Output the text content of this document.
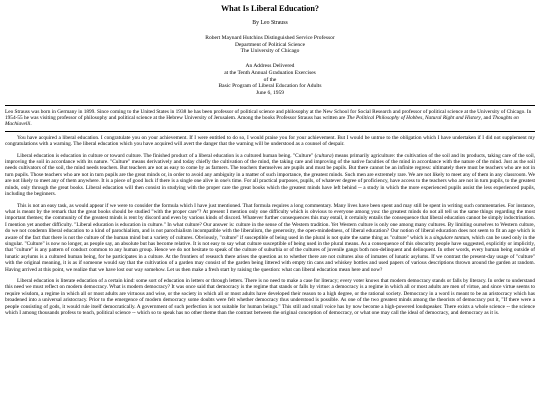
What Is Liberal Education?
By Leo Strauss
Robert Maynard Hutchins Distinguished Service Professor
Department of Political Science
The University of Chicago
An Address Delivered
at the Tenth Annual Graduation Exercises
of the
Basic Program of Liberal Education for Adults
June 6, 1959

Leo Strauss was born in Germany in 1899. Since coming to the United States in 1938 he has been professor of political science and philosophy at the New School for Social Research and professor of political science at the University of Chicago. In 1954-55 he was visiting professor of philosophy and political science at the Hebrew University of Jerusalem. Among the books Professor Strauss has written are The Political Philosophy of Hobbes, Natural Right and History, and Thoughts on Machiavelli.

You have acquired a liberal education. I congratulate you on your achievement. If I were entitled to do so, I would praise you for your achievement. But I would be untrue to the obligation which I have undertaken if I did not supplement my congratulations with a warning. The liberal education which you have acquired will avert the danger that the warning will be understood as a counsel of despair.

Liberal education is education in culture or toward culture. The finished product of a liberal education is a cultured human being. "Culture" (cultura) means primarily agriculture: the cultivation of the soil and its products, taking care of the soil, improving the soil in accordance with its nature. "Culture" means derivatively and today chiefly the cultivation of the mind, the taking care and improving of the native faculties of the mind in accordance with the nature of the mind. Just as the soil needs cultivators of the soil, the mind needs teachers. But teachers are not as easy to come by as farmers. The teachers themselves are pupils and must be pupils. But there cannot be an infinite regress: ultimately there must be teachers who are not in turn pupils. Those teachers who are not in turn pupils are the great minds or, in order to avoid any ambiguity in a matter of such importance, the greatest minds. Such men are extremely rare. We are not likely to meet any of them in any classroom. We are not likely to meet any of them anywhere. It is a piece of good luck if there is a single one alive in one's time. For all practical purposes, pupils, of whatever degree of proficiency, have access to the teachers who are not in turn pupils, to the greatest minds, only through the great books. Liberal education will then consist in studying with the proper care the great books which the greatest minds have left behind -- a study in which the more experienced pupils assist the less experienced pupils, including the beginners.

This is not an easy task, as would appear if we were to consider the formula which I have just mentioned. That formula requires a long commentary. Many lives have been spent and may still be spent in writing such commentaries. For instance, what is meant by the remark that the great books should be studied "with the proper care"? At present I mention only one difficulty which is obvious to everyone among you: the greatest minds do not all tell us the same things regarding the most important themes; the community of the greatest minds is rent by discord and even by various kinds of discord. Whatever further consequences this may entail, it certainly entails the consequence that liberal education cannot be simply indoctrination. I mention yet another difficulty. "Liberal education is education in culture." In what culture? Our answer is: culture in the sense of the Western tradition. Yet Western culture is only one among many cultures. By limiting ourselves to Western culture, do we not condemn liberal education to a kind of parochialism, and is not parochialism incompatible with the liberalism, the generosity, the open-mindedness, of liberal education? Our notion of liberal education does not seem to fit an age which is aware of the fact that there is not the culture of the human mind but a variety of cultures. Obviously, "culture" if susceptible of being used in the plural is not quite the same thing as "culture" which is a singulare tantum, which can be used only in the singular. "Culture" is now no longer, as people say, an absolute but has become relative. It is not easy to say what culture susceptible of being used in the plural means. As a consequence of this obscurity people have suggested, explicitly or implicitly, that "culture" is any pattern of conduct common to any human group. Hence we do not hesitate to speak of the culture of suburbia or of the cultures of juvenile gangs both non-delinquent and delinquent. In other words, every human being outside of lunatic asylums is a cultured human being, for he participates in a culture. At the frontiers of research there arises the question as to whether there are not cultures also of inmates of lunatic asylums. If we contrast the present-day usage of "culture" with the original meaning, it is as if someone would say that the cultivation of a garden may consist of the garden being littered with empty tin cans and whiskey bottles and used papers of various descriptions thrown around the garden at random. Having arrived at this point, we realize that we have lost our way somehow. Let us then make a fresh start by raising the question: what can liberal education mean here and now?

Liberal education is literate education of a certain kind: some sort of education in letters or through letters. There is no need to make a case for literacy; every voter knows that modern democracy stands or falls by literacy. In order to understand this need we must reflect on modern democracy. What is modern democracy? It was once said that democracy is the regime that stands or falls by virtue: a democracy is a regime in which all or most adults are men of virtue, and since virtue seems to require wisdom, a regime in which all or most adults are virtuous and wise, or the society in which all or most adults have developed their reason to a high degree, or the rational society. Democracy in a word is meant to be an aristocracy which has broadened into a universal aristocracy. Prior to the emergence of modern democracy some doubts were felt whether democracy thus understood is possible. As one of the two greatest minds among the theorists of democracy put it, "If there were a people consisting of gods, it would rule itself democratically. A government of such perfection is not suitable for human beings." This still and small voice has by now become a high-powered loudspeaker. There exists a whole science -- the science which I among thousands profess to teach, political science -- which so to speak has no other theme than the contrast between the original conception of democracy, or what one may call the ideal of democracy, and democracy as it is.
